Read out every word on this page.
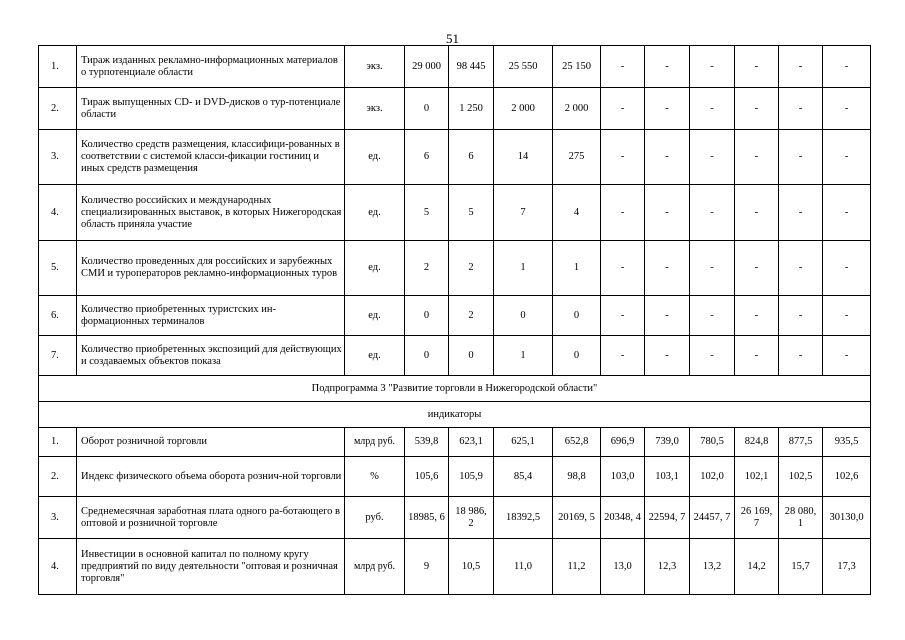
51
1.	Тираж изданных рекламно-информационных материалов о турпотенциале области	экз.	29 000	98 445	25 550	25 150	-	-	-	-	-	-
2.	Тираж выпущенных CD- и DVD-дисков о тур-потенциале области	экз.	0	1 250	2 000	2 000	-	-	-	-	-	-
3.	Количество средств размещения, классифици-рованных в соответствии с системой класси-фикации гостиниц и иных средств размещения	ед.	6	6	14	275	-	-	-	-	-	-
4.	Количество российских и международных специализированных выставок, в которых Нижегородская область приняла участие	ед.	5	5	7	4	-	-	-	-	-	-
5.	Количество проведенных для российских и зарубежных СМИ и туроператоров рекламно-информационных туров	ед.	2	2	1	1	-	-	-	-	-	-
6.	Количество приобретенных туристских ин-формационных терминалов	ед.	0	2	0	0	-	-	-	-	-	-
7.	Количество приобретенных экспозиций для действующих и создаваемых объектов показа	ед.	0	0	1	0	-	-	-	-	-	-
Подпрограмма 3 "Развитие торговли в Нижегородской области"												
индикаторы												
1.	Оборот розничной торговли	млрд руб.	539,8	623,1	625,1	652,8	696,9	739,0	780,5	824,8	877,5	935,5
2.	Индекс физического объема оборота рознич-ной торговли	%	105,6	105,9	85,4	98,8	103,0	103,1	102,0	102,1	102,5	102,6
3.	Среднемесячная заработная плата одного ра-ботающего в оптовой и розничной торговле	руб.	18985, 6	18 986, 2	18392,5	20169, 5	20348, 4	22594, 7	24457, 7	26 169, 7	28 080, 1	30130,0
4.	Инвестиции в основной капитал по полному кругу предприятий по виду деятельности "оптовая и розничная торговля"	млрд руб.	9	10,5	11,0	11,2	13,0	12,3	13,2	14,2	15,7	17,3
